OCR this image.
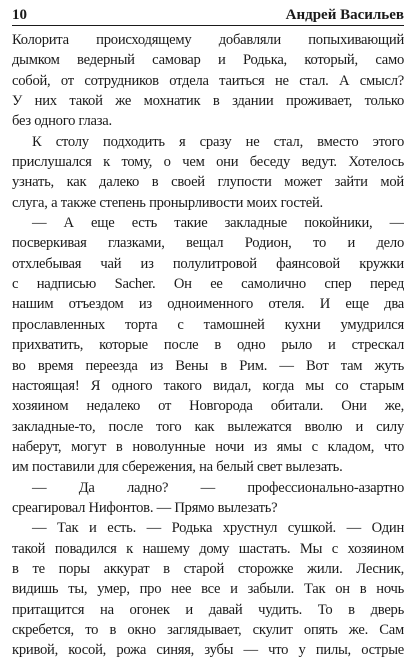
10	Андрей Васильев
Колорита происходящему добавляли попыхивающий
дымком ведерный самовар и Родька, который, само
собой, от сотрудников отдела таиться не стал. А смысл?
У них такой же мохнатик в здании проживает, только
без одного глаза.
К столу подходить я сразу не стал, вместо этого
прислушался к тому, о чем они беседу ведут. Хотелось
узнать, как далеко в своей глупости может зайти мой
слуга, а также степень пронырливости моих гостей.
— А еще есть такие закладные покойники, —
посверкивая глазками, вещал Родион, то и дело
отхлебывая чай из полулитровой фаянсовой кружки
с надписью Sacher. Он ее самолично спер перед
нашим отъездом из одноименного отеля. И еще два
прославленных торта с тамошней кухни умудрился
прихватить, которые после в одно рыло и стрескал
во время переезда из Вены в Рим. — Вот там жуть
настоящая! Я одного такого видал, когда мы со старым
хозяином недалеко от Новгорода обитали. Они же,
закладные-то, после того как вылежатся вволю и силу
наберут, могут в новолунные ночи из ямы с кладом, что
им поставили для сбережения, на белый свет вылезать.
— Да ладно? — профессионально-азартно
среагировал Нифонтов. — Прямо вылезать?
— Так и есть. — Родька хрустнул сушкой. — Один
такой повадился к нашему дому шастать. Мы с хозяином
в те поры аккурат в старой сторожке жили. Лесник,
видишь ты, умер, про нее все и забыли. Так он в ночь
притащится на огонек и давай чудить. То в дверь
скребется, то в окно заглядывает, скулит опять же. Сам
кривой, косой, рожа синяя, зубы — что у пилы, острые
